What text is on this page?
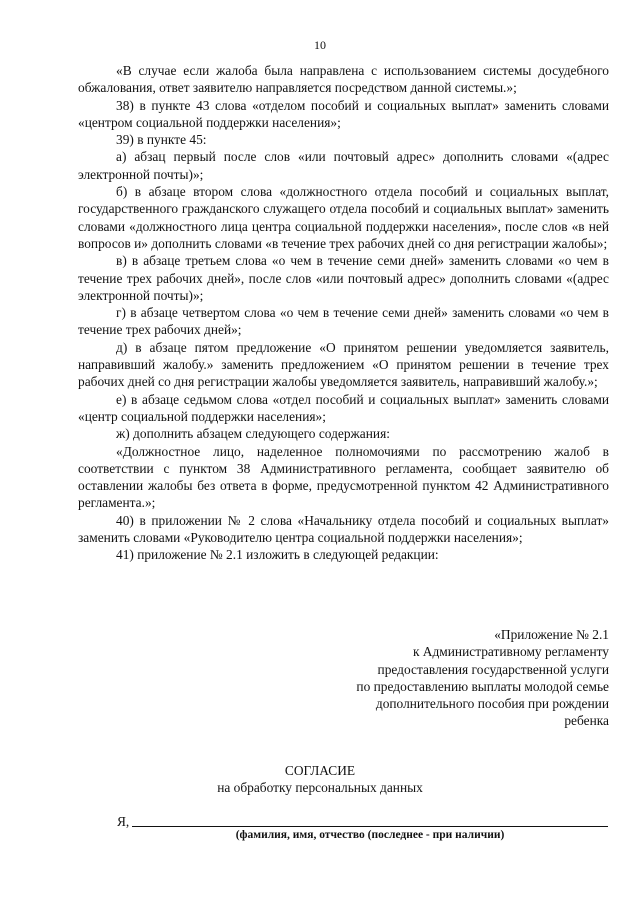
10

«В случае если жалоба была направлена с использованием системы досудебного обжалования, ответ заявителю направляется посредством данной системы.»;

38) в пункте 43 слова «отделом пособий и социальных выплат» заменить словами «центром социальной поддержки населения»;

39) в пункте 45:

а) абзац первый после слов «или почтовый адрес» дополнить словами «(адрес электронной почты)»;

б) в абзаце втором слова «должностного отдела пособий и социальных выплат, государственного гражданского служащего отдела пособий и социальных выплат» заменить словами «должностного лица центра социальной поддержки населения», после слов «в ней вопросов и» дополнить словами «в течение трех рабочих дней со дня регистрации жалобы»;

в) в абзаце третьем слова «о чем в течение семи дней» заменить словами «о чем в течение трех рабочих дней», после слов «или почтовый адрес» дополнить словами «(адрес электронной почты)»;

г) в абзаце четвертом слова «о чем в течение семи дней» заменить словами «о чем в течение трех рабочих дней»;

д) в абзаце пятом предложение «О принятом решении уведомляется заявитель, направивший жалобу.» заменить предложением «О принятом решении в течение трех рабочих дней со дня регистрации жалобы уведомляется заявитель, направивший жалобу.»;

е) в абзаце седьмом слова «отдел пособий и социальных выплат» заменить словами «центр социальной поддержки населения»;

ж) дополнить абзацем следующего содержания:

«Должностное лицо, наделенное полномочиями по рассмотрению жалоб в соответствии с пунктом 38 Административного регламента, сообщает заявителю об оставлении жалобы без ответа в форме, предусмотренной пунктом 42 Административного регламента.»;

40) в приложении № 2 слова «Начальнику отдела пособий и социальных выплат» заменить словами «Руководителю центра социальной поддержки населения»;

41) приложение № 2.1 изложить в следующей редакции:

«Приложение № 2.1
к Административному регламенту
предоставления государственной услуги
по предоставлению выплаты молодой семье
дополнительного пособия при рождении
ребенка
СОГЛАСИЕ
на обработку персональных данных
Я,
(фамилия, имя, отчество (последнее - при наличии)
